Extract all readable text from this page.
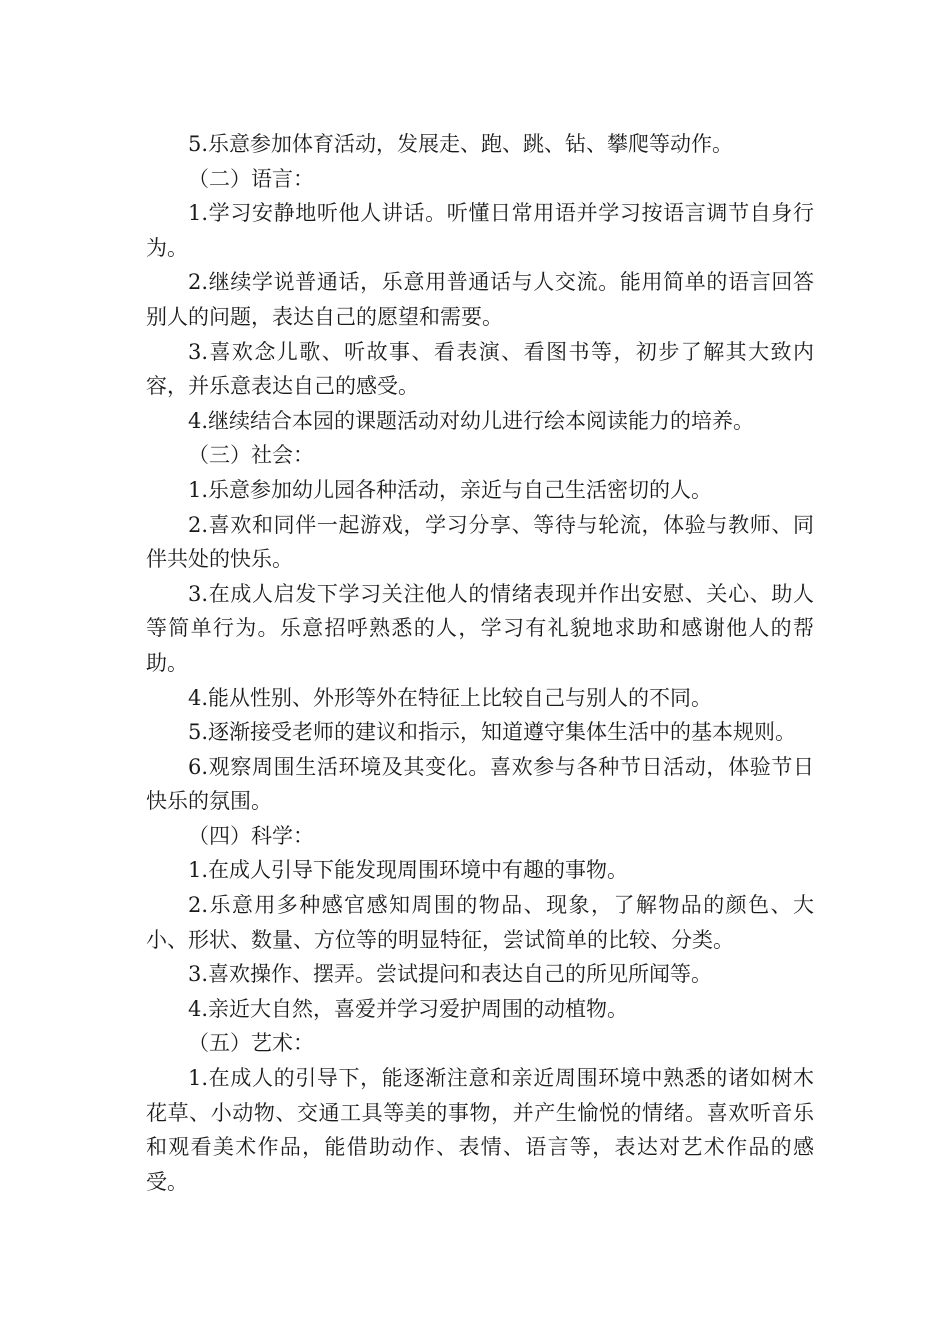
5.乐意参加体育活动，发展走、跑、跳、钻、攀爬等动作。

（二）语言：

1.学习安静地听他人讲话。听懂日常用语并学习按语言调节自身行为。

2.继续学说普通话，乐意用普通话与人交流。能用简单的语言回答别人的问题，表达自己的愿望和需要。

3.喜欢念儿歌、听故事、看表演、看图书等，初步了解其大致内容，并乐意表达自己的感受。

4.继续结合本园的课题活动对幼儿进行绘本阅读能力的培养。

（三）社会：

1.乐意参加幼儿园各种活动，亲近与自己生活密切的人。

2.喜欢和同伴一起游戏，学习分享、等待与轮流，体验与教师、同伴共处的快乐。

3.在成人启发下学习关注他人的情绪表现并作出安慰、关心、助人等简单行为。乐意招呼熟悉的人，学习有礼貌地求助和感谢他人的帮助。

4.能从性别、外形等外在特征上比较自己与别人的不同。

5.逐渐接受老师的建议和指示，知道遵守集体生活中的基本规则。

6.观察周围生活环境及其变化。喜欢参与各种节日活动，体验节日快乐的氛围。

（四）科学：

1.在成人引导下能发现周围环境中有趣的事物。

2.乐意用多种感官感知周围的物品、现象，了解物品的颜色、大小、形状、数量、方位等的明显特征，尝试简单的比较、分类。

3.喜欢操作、摆弄。尝试提问和表达自己的所见所闻等。

4.亲近大自然，喜爱并学习爱护周围的动植物。

（五）艺术：

1.在成人的引导下，能逐渐注意和亲近周围环境中熟悉的诸如树木花草、小动物、交通工具等美的事物，并产生愉悦的情绪。喜欢听音乐和观看美术作品，能借助动作、表情、语言等，表达对艺术作品的感受。
